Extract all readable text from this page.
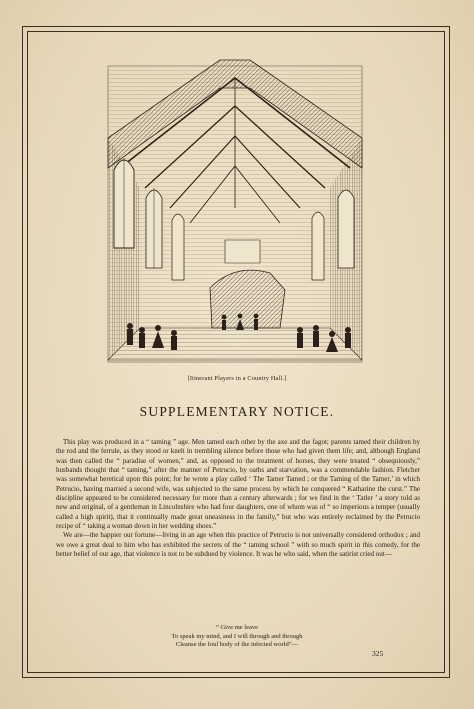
[Itinerant Players in a Country Hall.]
SUPPLEMENTARY NOTICE.

This play was produced in a “ taming ” age. Men tamed each other by the axe and the fagot; parents tamed their children by the rod and the ferrule, as they stood or knelt in trembling silence before those who had given them life; and, although England was then called the “ paradise of women,” and, as opposed to the treatment of horses, they were treated “ obsequiously,” husbands thought that “ taming,” after the manner of Petrucio, by oaths and starvation, was a commendable fashion. Fletcher was somewhat heretical upon this point; for he wrote a play called ‘ The Tamer Tamed ; or the Taming of the Tamer,’ in which Petrucio, having married a second wife, was subjected to the same process by which he conquered “ Katharine the curst.” The discipline appeared to be considered necessary for more than a century afterwards ; for we find in the ‘ Tatler ’ a story told as new and original, of a gentleman in Lincolnshire who had four daughters, one of whom was of “ so imperious a temper (usually called a high spirit), that it continually made great uneasiness in the family,” but who was entirely reclaimed by the Petrucio recipe of “ taking a woman down in her wedding shoes.”

We are—the happier our fortune—living in an age when this practice of Petrucio is not universally considered orthodox ; and we owe a great deal to him who has exhibited the secrets of the “ taming school ” with so much spirit in this comedy, for the better belief of our age, that violence is not to be subdued by violence. It was he who said, when the satirist cried out—

“ Give me leave
To speak my mind, and I will through and through
Cleanse the foul body of the infected world”—
325
